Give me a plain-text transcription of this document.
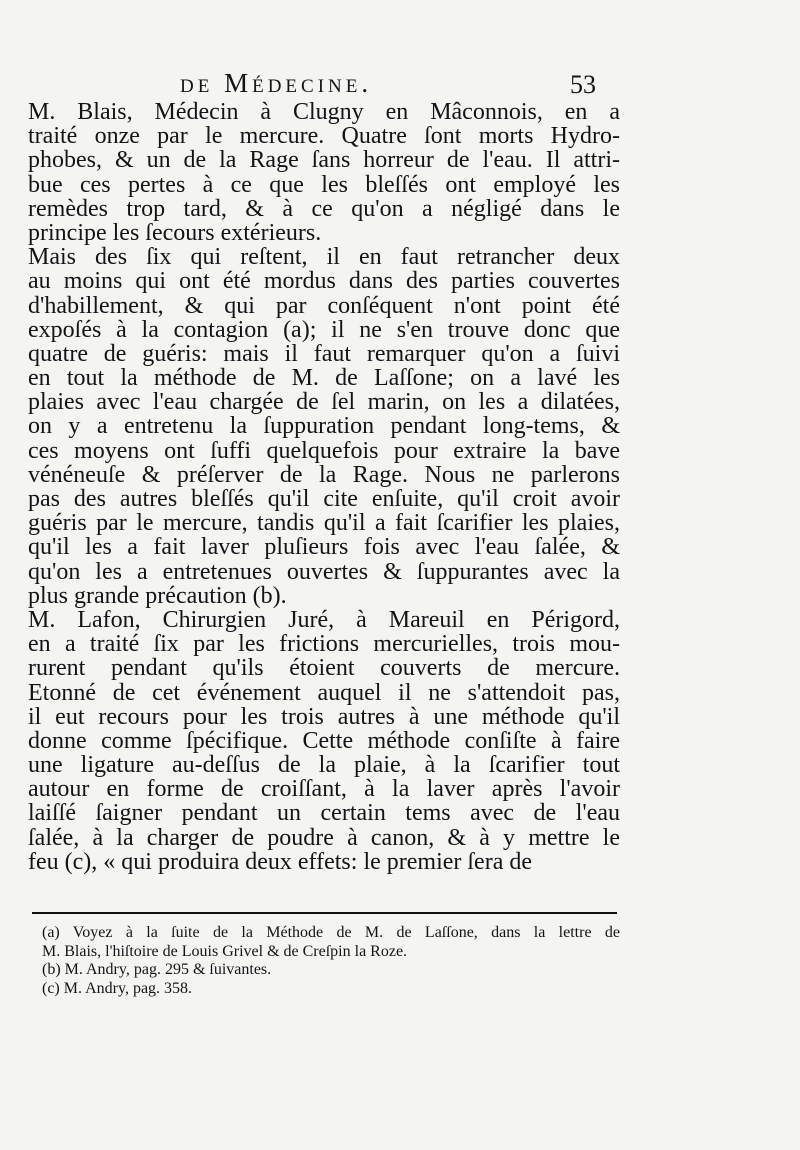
de Médecine.	53
M. Blais, Médecin à Clugny en Mâconnois, en a
traité onze par le mercure. Quatre ſont morts Hydro-
phobes, & un de la Rage ſans horreur de l'eau. Il attri-
bue ces pertes à ce que les bleſſés ont employé les
remèdes trop tard, & à ce qu'on a négligé dans le
principe les ſecours extérieurs.
Mais des ſix qui reſtent, il en faut retrancher deux
au moins qui ont été mordus dans des parties couvertes
d'habillement, & qui par conſéquent n'ont point été
expoſés à la contagion (a); il ne s'en trouve donc que
quatre de guéris: mais il faut remarquer qu'on a ſuivi
en tout la méthode de M. de Laſſone; on a lavé les
plaies avec l'eau chargée de ſel marin, on les a dilatées,
on y a entretenu la ſuppuration pendant long-tems, &
ces moyens ont ſuffi quelquefois pour extraire la bave
vénéneuſe & préſerver de la Rage. Nous ne parlerons
pas des autres bleſſés qu'il cite enſuite, qu'il croit avoir
guéris par le mercure, tandis qu'il a fait ſcarifier les plaies,
qu'il les a fait laver pluſieurs fois avec l'eau ſalée, &
qu'on les a entretenues ouvertes & ſuppurantes avec la
plus grande précaution (b).
M. Lafon, Chirurgien Juré, à Mareuil en Périgord,
en a traité ſix par les frictions mercurielles, trois mou-
rurent pendant qu'ils étoient couverts de mercure.
Etonné de cet événement auquel il ne s'attendoit pas,
il eut recours pour les trois autres à une méthode qu'il
donne comme ſpécifique. Cette méthode conſiſte à faire
une ligature au-deſſus de la plaie, à la ſcarifier tout
autour en forme de croiſſant, à la laver après l'avoir
laiſſé ſaigner pendant un certain tems avec de l'eau
ſalée, à la charger de poudre à canon, & à y mettre le
feu (c), « qui produira deux effets: le premier ſera de
(a) Voyez à la ſuite de la Méthode de M. de Laſſone, dans la lettre de
M. Blais, l'hiſtoire de Louis Grivel & de Creſpin la Roze.
(b) M. Andry, pag. 295 & ſuivantes.
(c) M. Andry, pag. 358.
